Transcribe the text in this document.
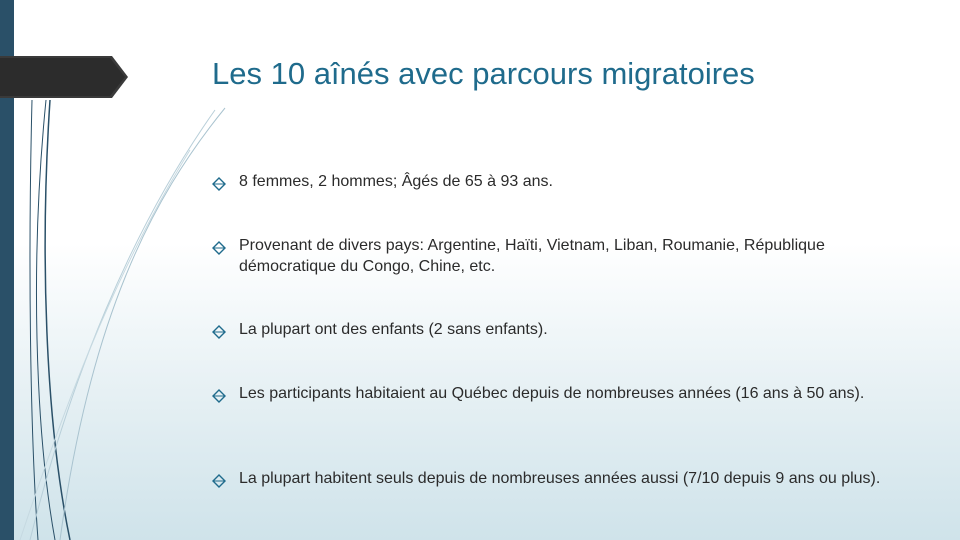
Les 10 aînés avec parcours migratoires
8 femmes, 2 hommes; Âgés de 65 à 93 ans.
Provenant de divers pays: Argentine, Haïti, Vietnam, Liban, Roumanie, République démocratique du Congo, Chine, etc.
La plupart ont des enfants (2 sans enfants).
Les participants habitaient au Québec depuis de nombreuses années (16 ans à 50 ans).
La plupart habitent seuls depuis de nombreuses années aussi (7/10 depuis 9 ans ou plus).
